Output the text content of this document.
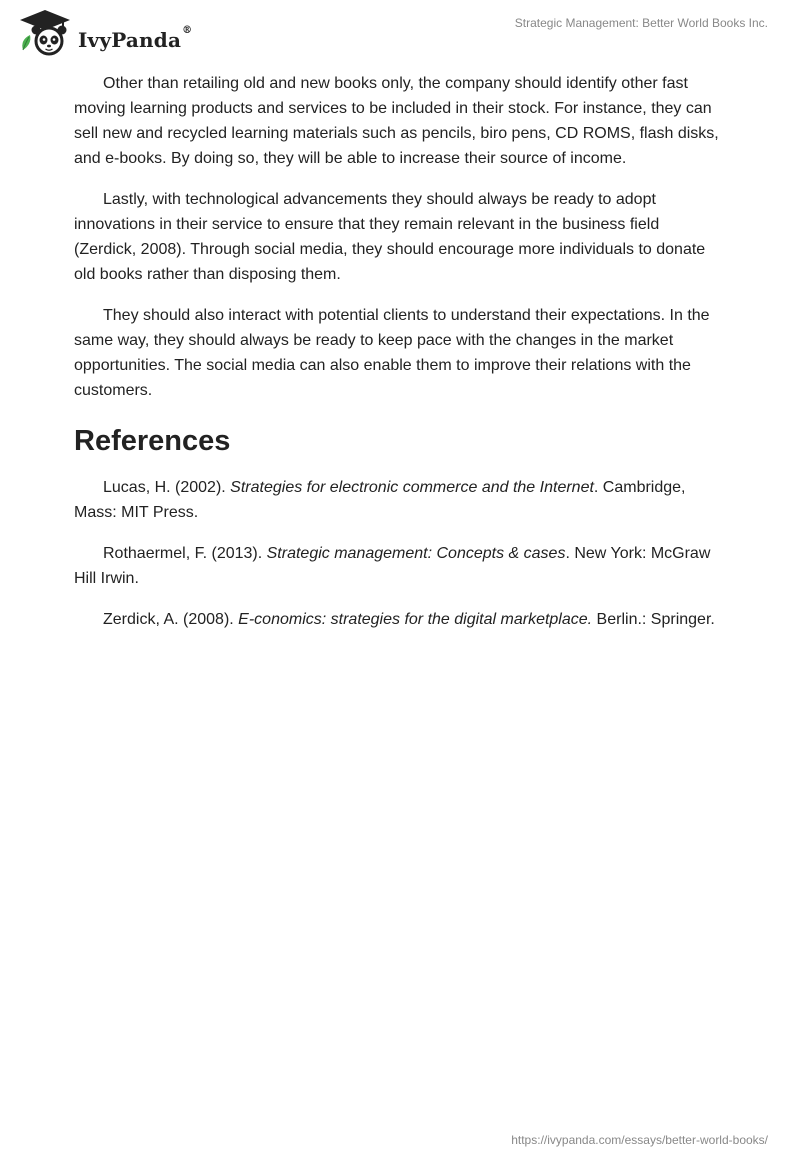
IvyPanda®
Strategic Management: Better World Books Inc.

Other than retailing old and new books only, the company should identify other fast moving learning products and services to be included in their stock. For instance, they can sell new and recycled learning materials such as pencils, biro pens, CD ROMS, flash disks, and e-books. By doing so, they will be able to increase their source of income.

Lastly, with technological advancements they should always be ready to adopt innovations in their service to ensure that they remain relevant in the business field (Zerdick, 2008). Through social media, they should encourage more individuals to donate old books rather than disposing them.

They should also interact with potential clients to understand their expectations. In the same way, they should always be ready to keep pace with the changes in the market opportunities. The social media can also enable them to improve their relations with the customers.

References

Lucas, H. (2002). Strategies for electronic commerce and the Internet. Cambridge, Mass: MIT Press.

Rothaermel, F. (2013). Strategic management: Concepts & cases. New York: McGraw Hill Irwin.

Zerdick, A. (2008). E-conomics: strategies for the digital marketplace. Berlin.: Springer.

https://ivypanda.com/essays/better-world-books/
